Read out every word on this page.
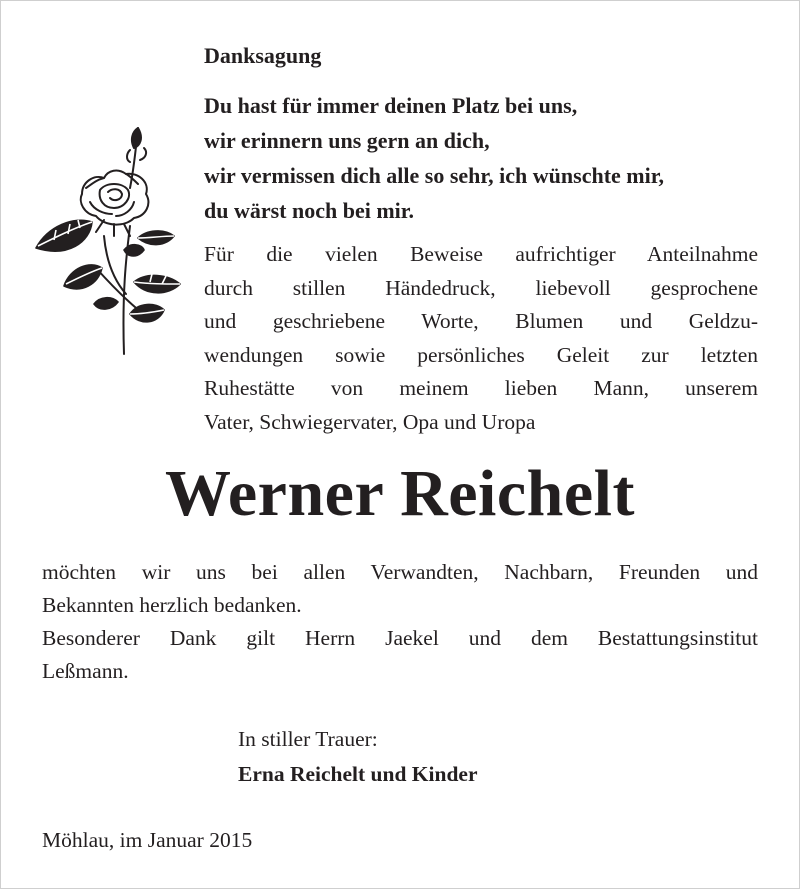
Danksagung
Du hast für immer deinen Platz bei uns,
wir erinnern uns gern an dich,
wir vermissen dich alle so sehr, ich wünschte mir,
du wärst noch bei mir.
Für die vielen Beweise aufrichtiger Anteilnahme
durch stillen Händedruck, liebevoll gesprochene
und geschriebene Worte, Blumen und Geldzu-
wendungen sowie persönliches Geleit zur letzten
Ruhestätte von meinem lieben Mann, unserem
Vater, Schwiegervater, Opa und Uropa
Werner Reichelt
möchten wir uns bei allen Verwandten, Nachbarn, Freunden und
Bekannten herzlich bedanken.
Besonderer Dank gilt Herrn Jaekel und dem Bestattungsinstitut
Leßmann.
In stiller Trauer:
Erna Reichelt und Kinder
Möhlau, im Januar 2015
